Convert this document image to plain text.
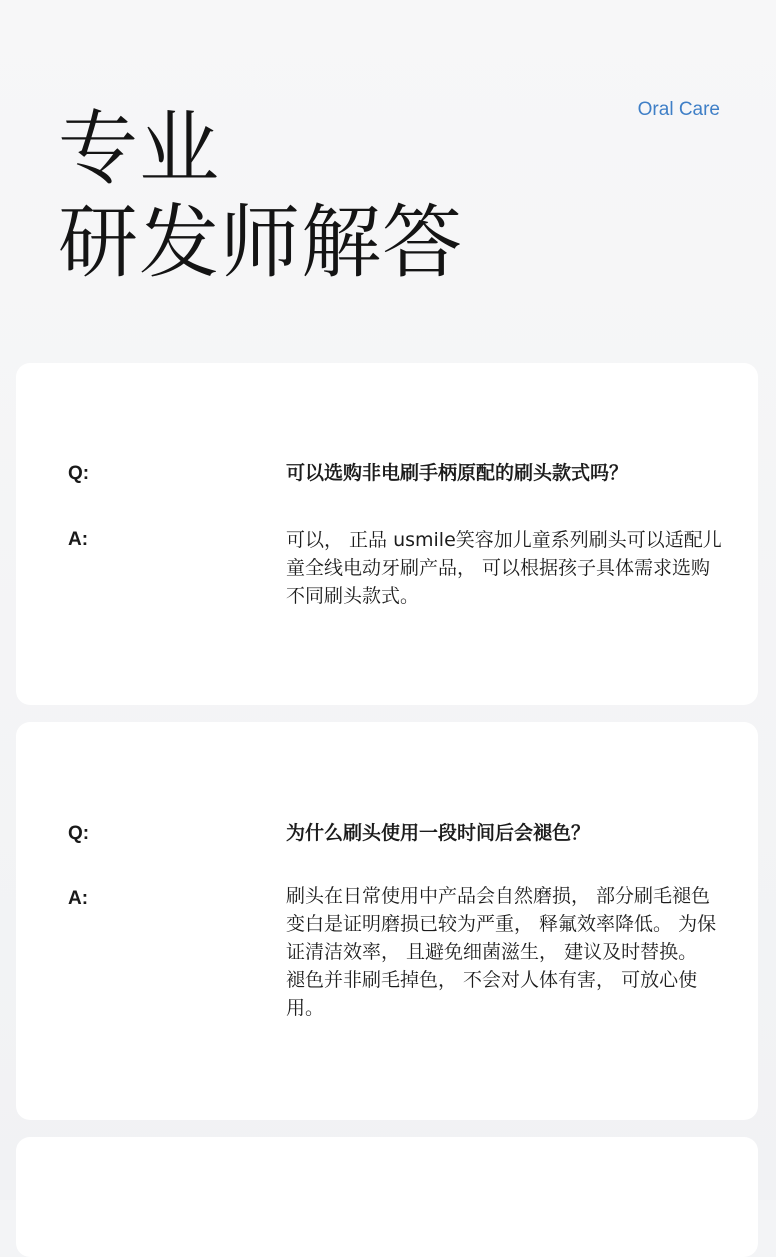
Oral Care
专业
研发师解答
Q:	可以选购非电刷手柄原配的刷头款式吗？
A:	可以， 正品 usmile笑容加儿童系列刷头可以适配儿童全线电动牙刷产品， 可以根据孩子具体需求选购不同刷头款式。
Q:	为什么刷头使用一段时间后会褪色？
A:	刷头在日常使用中产品会自然磨损， 部分刷毛褪色变白是证明磨损已较为严重， 释氟效率降低。 为保证清洁效率， 且避免细菌滋生， 建议及时替换。 褪色并非刷毛掉色， 不会对人体有害， 可放心使用。
